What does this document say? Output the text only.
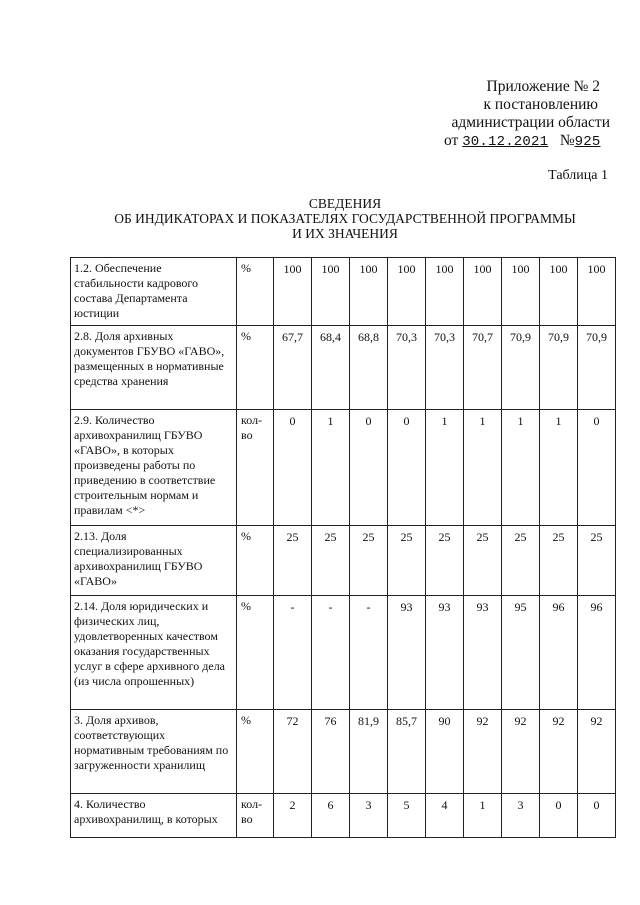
Приложение № 2
к постановлению
администрации области
от 30.12.2021 №925
Таблица 1
СВЕДЕНИЯ
ОБ ИНДИКАТОРАХ И ПОКАЗАТЕЛЯХ ГОСУДАРСТВЕННОЙ ПРОГРАММЫ
И ИХ ЗНАЧЕНИЯ
1.2. Обеспечение стабильности кадрового состава Департамента юстиции	%	100	100	100	100	100	100	100	100	100
2.8. Доля архивных документов ГБУВО «ГАВО», размещенных в нормативные средства хранения	%	67,7	68,4	68,8	70,3	70,3	70,7	70,9	70,9	70,9
2.9. Количество архивохранилищ ГБУВО «ГАВО», в которых произведены работы по приведению в соответствие строительным нормам и правилам <*>	кол-во	0	1	0	0	1	1	1	1	0
2.13. Доля специализированных архивохранилищ ГБУВО «ГАВО»	%	25	25	25	25	25	25	25	25	25
2.14. Доля юридических и физических лиц, удовлетворенных качеством оказания государственных услуг в сфере архивного дела (из числа опрошенных)	%	-	-	-	93	93	93	95	96	96
3. Доля архивов, соответствующих нормативным требованиям по загруженности хранилищ	%	72	76	81,9	85,7	90	92	92	92	92
4. Количество архивохранилищ, в которых	кол-во	2	6	3	5	4	1	3	0	0
